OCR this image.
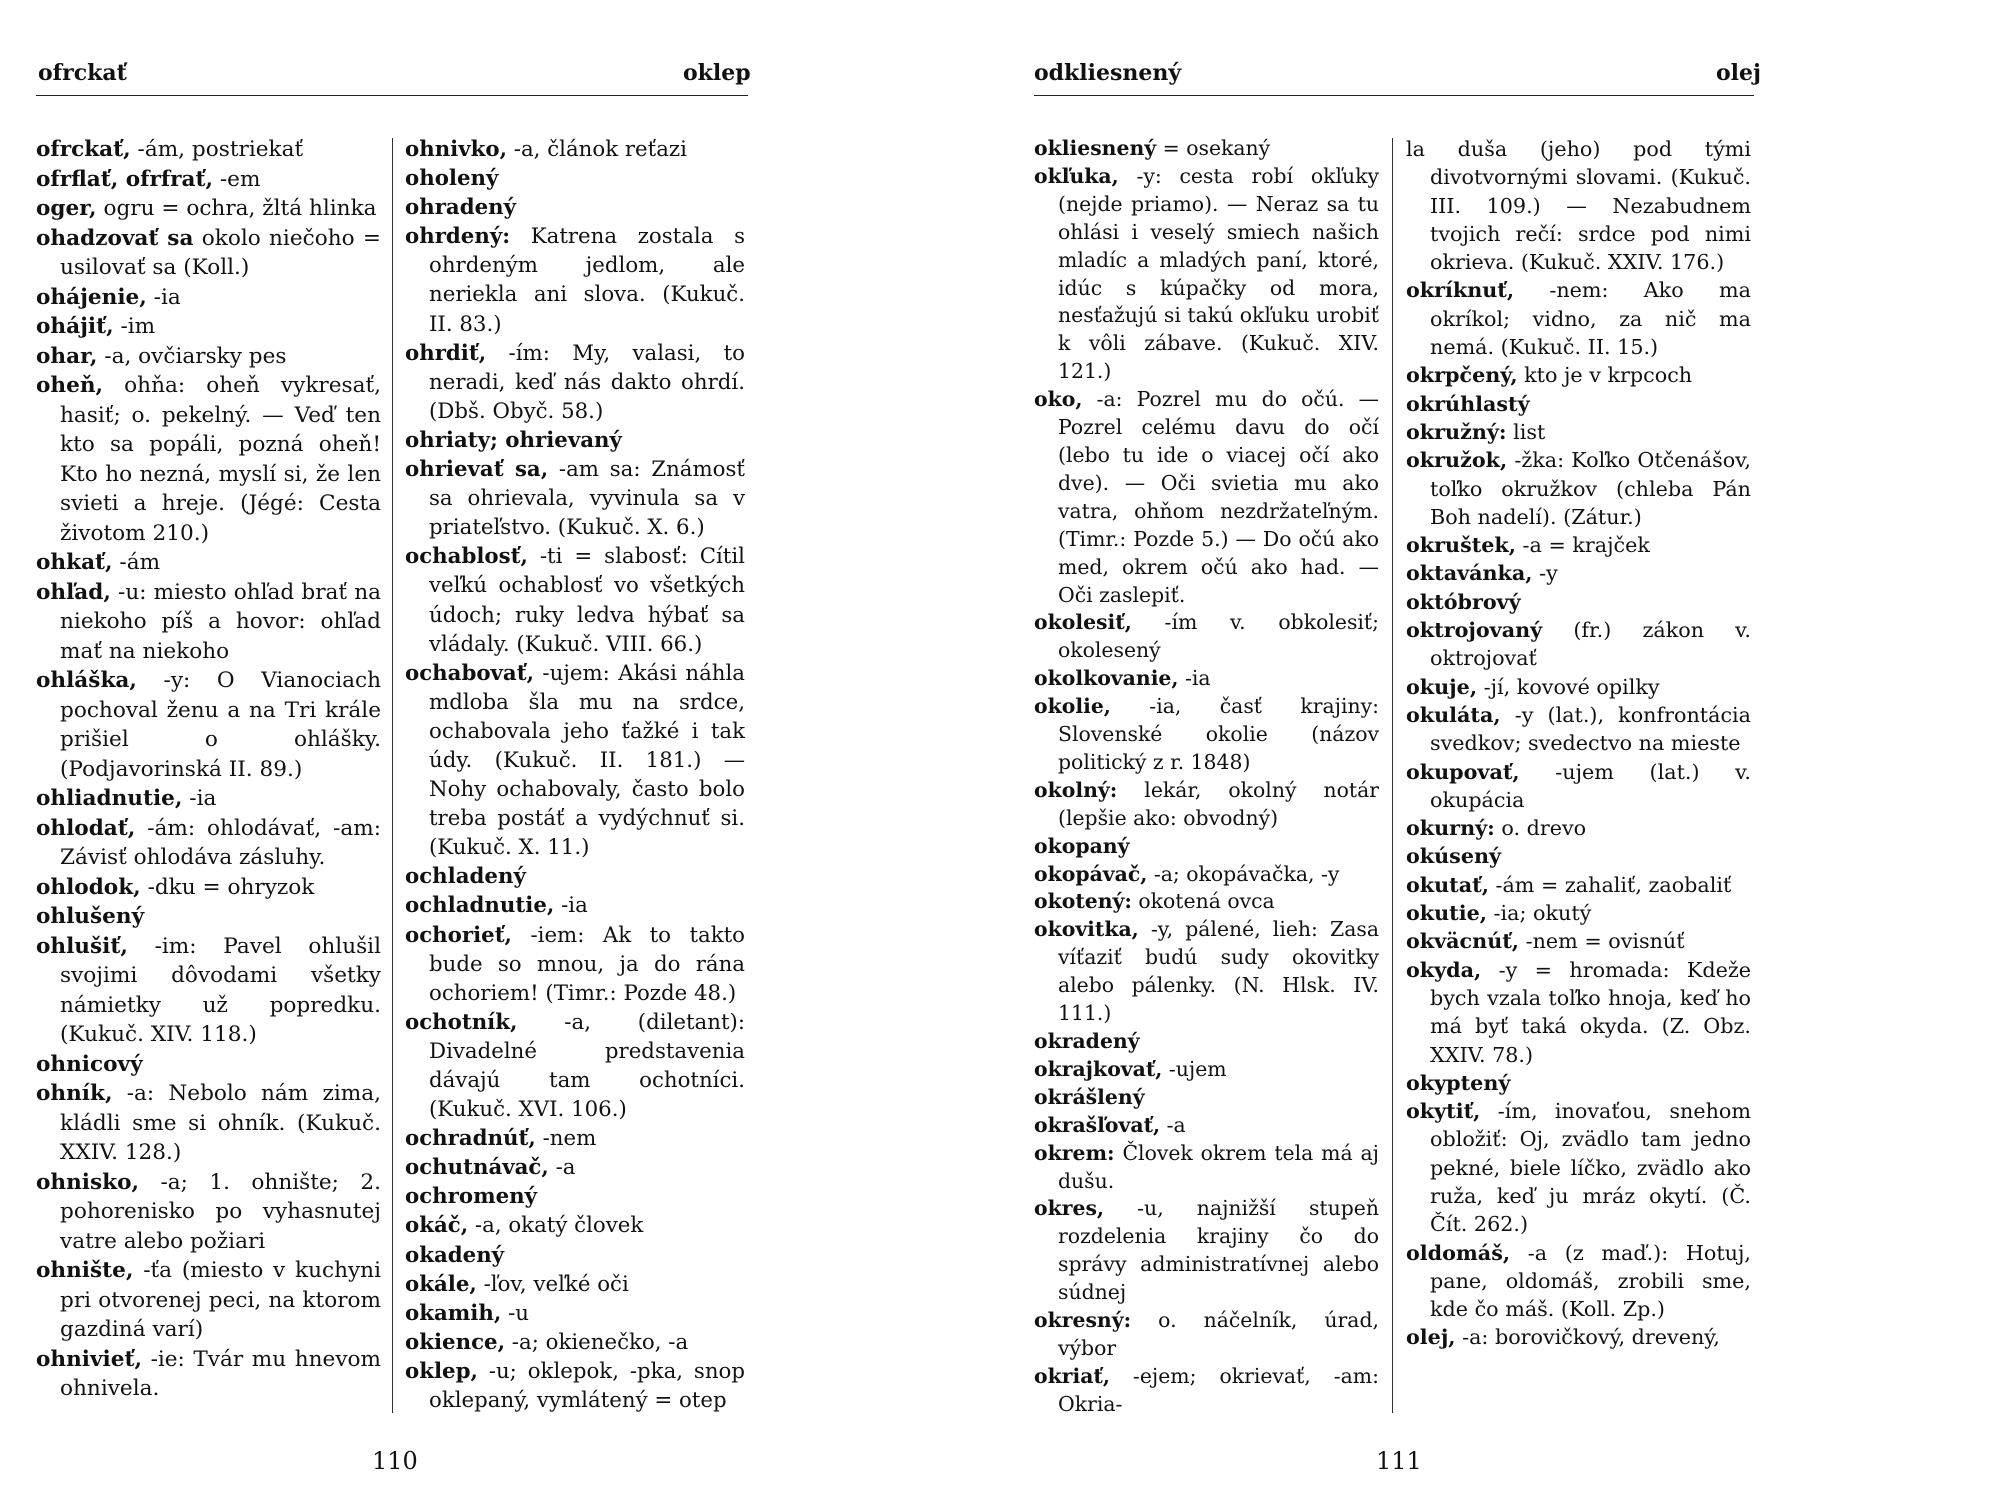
ofrckať	oklep

ofrckať, -ám, postriekať

ofrflať, ofrfrať, -em

oger, ogru = ochra, žltá hlinka

ohadzovať sa okolo niečoho = usilovať sa (Koll.)

ohájenie, -ia

ohájiť, -im

ohar, -a, ovčiarsky pes

oheň, ohňa: oheň vykresať, hasiť; o. pekelný. — Veď ten kto sa popáli, pozná oheň! Kto ho nezná, myslí si, že len svieti a hreje. (Jégé: Cesta životom 210.)

ohkať, -ám

ohľad, -u: miesto ohľad brať na niekoho píš a hovor: ohľad mať na niekoho

ohláška, -y: O Vianociach pochoval ženu a na Tri krále prišiel o ohlášky. (Podjavorinská II. 89.)

ohliadnutie, -ia

ohlodať, -ám: ohlodávať, -am: Závisť ohlodáva zásluhy.

ohlodok, -dku = ohryzok

ohlušený

ohlušiť, -im: Pavel ohlušil svojimi dôvodami všetky námietky už popredku. (Kukuč. XIV. 118.)

ohnicový

ohník, -a: Nebolo nám zima, kládli sme si ohník. (Kukuč. XXIV. 128.)

ohnisko, -a; 1. ohnište; 2. pohorenisko po vyhasnutej vatre alebo požiari

ohnište, -ťa (miesto v kuchyni pri otvorenej peci, na ktorom gazdiná varí)

ohnivieť, -ie: Tvár mu hnevom ohnivela.

ohnivko, -a, článok reťazi

oholený

ohradený

ohrdený: Katrena zostala s ohrdeným jedlom, ale neriekla ani slova. (Kukuč. II. 83.)

ohrdiť, -ím: My, valasi, to neradi, keď nás dakto ohrdí. (Dbš. Obyč. 58.)

ohriaty; ohrievaný

ohrievať sa, -am sa: Známosť sa ohrievala, vyvinula sa v priateľstvo. (Kukuč. X. 6.)

ochablosť, -ti = slabosť: Cítil veľkú ochablosť vo všetkých údoch; ruky ledva hýbať sa vládaly. (Kukuč. VIII. 66.)

ochabovať, -ujem: Akási náhla mdloba šla mu na srdce, ochabovala jeho ťažké i tak údy. (Kukuč. II. 181.) — Nohy ochabovaly, často bolo treba postáť a vydýchnuť si. (Kukuč. X. 11.)

ochladený

ochladnutie, -ia

ochorieť, -iem: Ak to takto bude so mnou, ja do rána ochoriem! (Timr.: Pozde 48.)

ochotník, -a, (diletant): Divadelné predstavenia dávajú tam ochotníci. (Kukuč. XVI. 106.)

ochradnúť, -nem

ochutnávač, -a

ochromený

okáč, -a, okatý človek

okadený

okále, -ľov, veľké oči

okamih, -u

okience, -a; okienečko, -a

oklep, -u; oklepok, -pka, snop oklepaný, vymlátený = otep

110
odkliesnený	olej

okliesnený = osekaný

okľuka, -y: cesta robí okľuky (nejde priamo). — Neraz sa tu ohlási i veselý smiech našich mladíc a mladých paní, ktoré, idúc s kúpačky od mora, nesťažujú si takú okľuku urobiť k vôli zábave. (Kukuč. XIV. 121.)

oko, -a: Pozrel mu do očú. — Pozrel celému davu do očí (lebo tu ide o viacej očí ako dve). — Oči svietia mu ako vatra, ohňom nezdržateľným. (Timr.: Pozde 5.) — Do očú ako med, okrem očú ako had. — Oči zaslepiť.

okolesiť, -ím v. obkolesiť; okolesený

okolkovanie, -ia

okolie, -ia, časť krajiny: Slovenské okolie (názov politický z r. 1848)

okolný: lekár, okolný notár (lepšie ako: obvodný)

okopaný

okopávač, -a; okopávačka, -y

okotený: okotená ovca

okovitka, -y, pálené, lieh: Zasa víťaziť budú sudy okovitky alebo pálenky. (N. Hlsk. IV. 111.)

okradený

okrajkovať, -ujem

okrášlený

okrašľovať, -a

okrem: Človek okrem tela má aj dušu.

okres, -u, najnižší stupeň rozdelenia krajiny čo do správy administratívnej alebo súdnej

okresný: o. náčelník, úrad, výbor

okriať, -ejem; okrievať, -am: Okria-

la duša (jeho) pod tými divotvornými slovami. (Kukuč. III. 109.) — Nezabudnem tvojich rečí: srdce pod nimi okrieva. (Kukuč. XXIV. 176.)

okríknuť, -nem: Ako ma okríkol; vidno, za nič ma nemá. (Kukuč. II. 15.)

okrpčený, kto je v krpcoch

okrúhlastý

okružný: list

okružok, -žka: Koľko Otčenášov, toľko okružkov (chleba Pán Boh nadelí). (Zátur.)

okruštek, -a = krajček

oktavánka, -y

októbrový

oktrojovaný (fr.) zákon v. oktrojovať

okuje, -jí, kovové opilky

okuláta, -y (lat.), konfrontácia svedkov; svedectvo na mieste

okupovať, -ujem (lat.) v. okupácia

okurný: o. drevo

okúsený

okutať, -ám = zahaliť, zaobaliť

okutie, -ia; okutý

okväcnúť, -nem = ovisnúť

okyda, -y = hromada: Kdeže bych vzala toľko hnoja, keď ho má byť taká okyda. (Z. Obz. XXIV. 78.)

okyptený

okytiť, -ím, inovaťou, snehom obložiť: Oj, zvädlo tam jedno pekné, biele líčko, zvädlo ako ruža, keď ju mráz okytí. (Č. Čít. 262.)

oldomáš, -a (z maď.): Hotuj, pane, oldomáš, zrobili sme, kde čo máš. (Koll. Zp.)

olej, -a: borovičkový, drevený,

111
